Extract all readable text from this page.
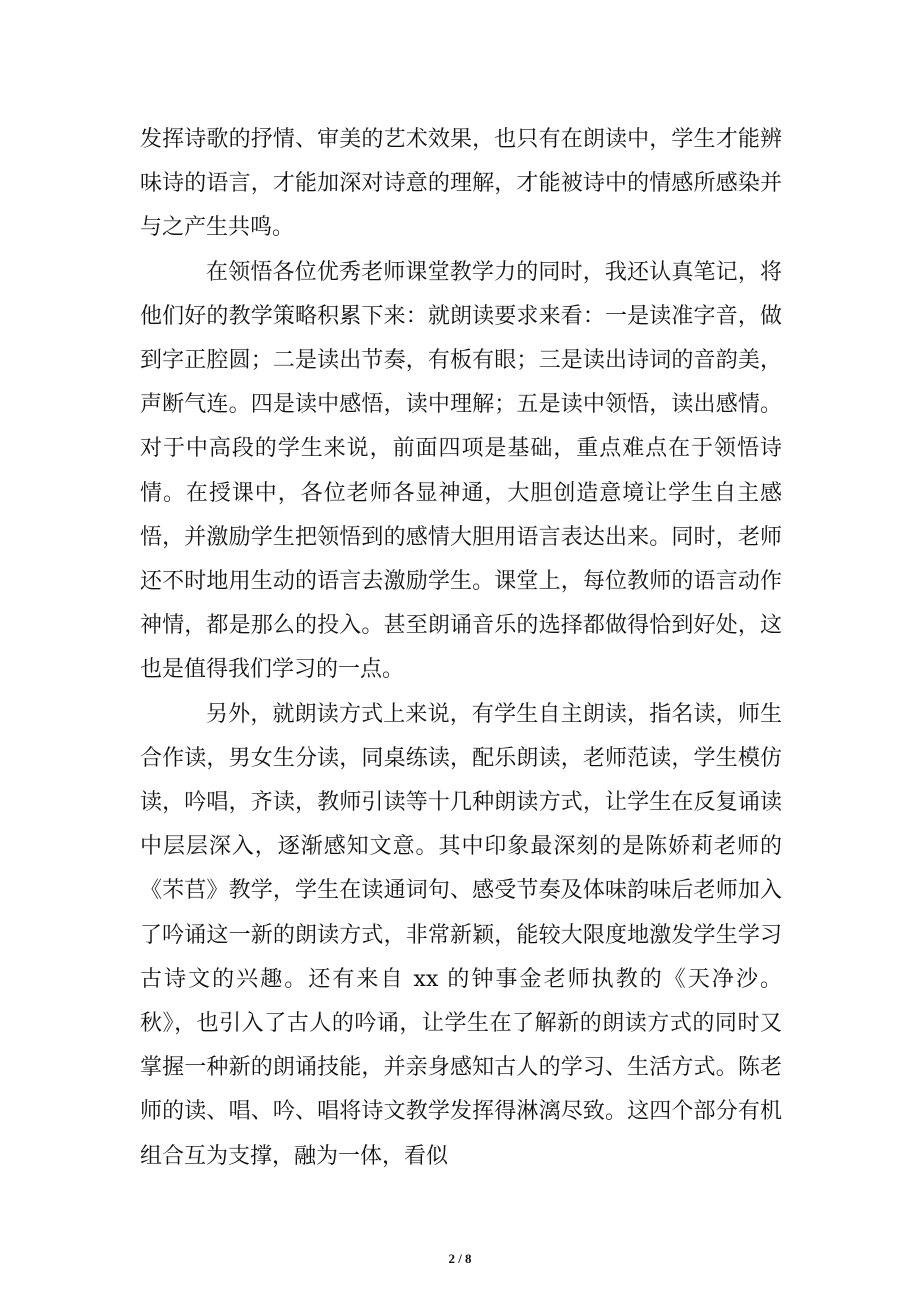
发挥诗歌的抒情、审美的艺术效果，也只有在朗读中，学生才能辨味诗的语言，才能加深对诗意的理解，才能被诗中的情感所感染并与之产生共鸣。

在领悟各位优秀老师课堂教学力的同时，我还认真笔记，将他们好的教学策略积累下来：就朗读要求来看：一是读准字音，做到字正腔圆；二是读出节奏，有板有眼；三是读出诗词的音韵美，声断气连。四是读中感悟，读中理解；五是读中领悟，读出感情。对于中高段的学生来说，前面四项是基础，重点难点在于领悟诗情。在授课中，各位老师各显神通，大胆创造意境让学生自主感悟，并激励学生把领悟到的感情大胆用语言表达出来。同时，老师还不时地用生动的语言去激励学生。课堂上，每位教师的语言动作神情，都是那么的投入。甚至朗诵音乐的选择都做得恰到好处，这也是值得我们学习的一点。

另外，就朗读方式上来说，有学生自主朗读，指名读，师生合作读，男女生分读，同桌练读，配乐朗读，老师范读，学生模仿读，吟唱，齐读，教师引读等十几种朗读方式，让学生在反复诵读中层层深入，逐渐感知文意。其中印象最深刻的是陈娇莉老师的《芣苢》教学，学生在读通词句、感受节奏及体味韵味后老师加入了吟诵这一新的朗读方式，非常新颖，能较大限度地激发学生学习古诗文的兴趣。还有来自 xx 的钟事金老师执教的《天净沙。秋》，也引入了古人的吟诵，让学生在了解新的朗读方式的同时又掌握一种新的朗诵技能，并亲身感知古人的学习、生活方式。陈老师的读、唱、吟、唱将诗文教学发挥得淋漓尽致。这四个部分有机组合互为支撑，融为一体，看似

2 / 8
